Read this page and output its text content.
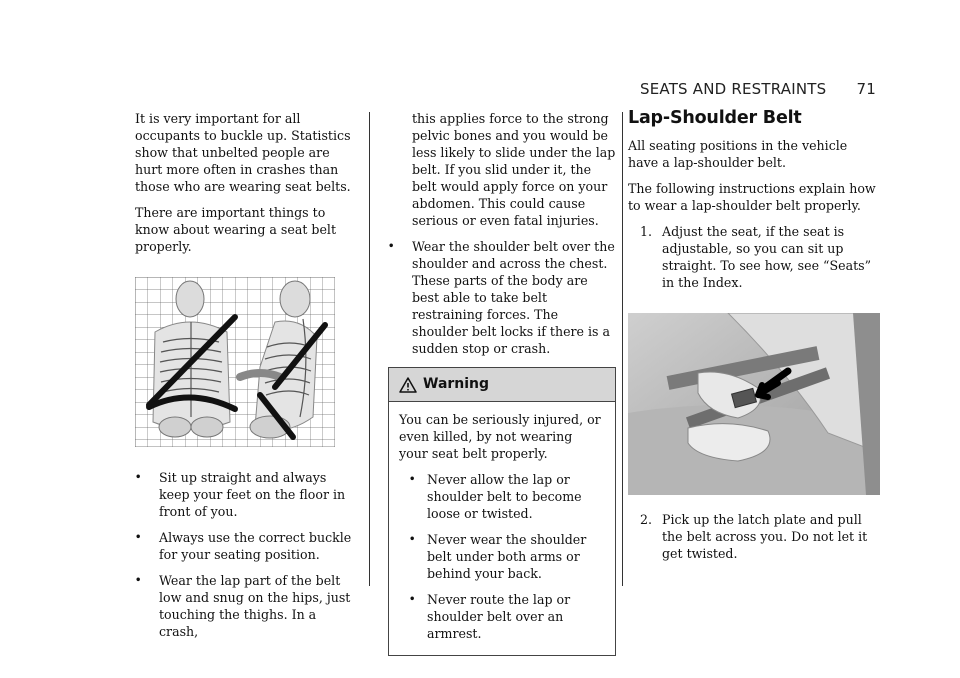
SEATS AND RESTRAINTS 71

It is very important for all occupants to buckle up. Statistics show that unbelted people are hurt more often in crashes than those who are wearing seat belts.

There are important things to know about wearing a seat belt properly.

•	Sit up straight and always keep your feet on the floor in front of you.
•	Always use the correct buckle for your seating position.
•	Wear the lap part of the belt low and snug on the hips, just touching the thighs. In a crash,

this applies force to the strong pelvic bones and you would be less likely to slide under the lap belt. If you slid under it, the belt would apply force on your abdomen. This could cause serious or even fatal injuries.

•	Wear the shoulder belt over the shoulder and across the chest. These parts of the body are best able to take belt restraining forces. The shoulder belt locks if there is a sudden stop or crash.
Warning

You can be seriously injured, or even killed, by not wearing your seat belt properly.

• Never allow the lap or shoulder belt to become loose or twisted.
• Never wear the shoulder belt under both arms or behind your back.
• Never route the lap or shoulder belt over an armrest.
Lap-Shoulder Belt

All seating positions in the vehicle have a lap-shoulder belt.

The following instructions explain how to wear a lap-shoulder belt properly.

1. Adjust the seat, if the seat is adjustable, so you can sit up straight. To see how, see “Seats” in the Index.
2. Pick up the latch plate and pull the belt across you. Do not let it get twisted.
